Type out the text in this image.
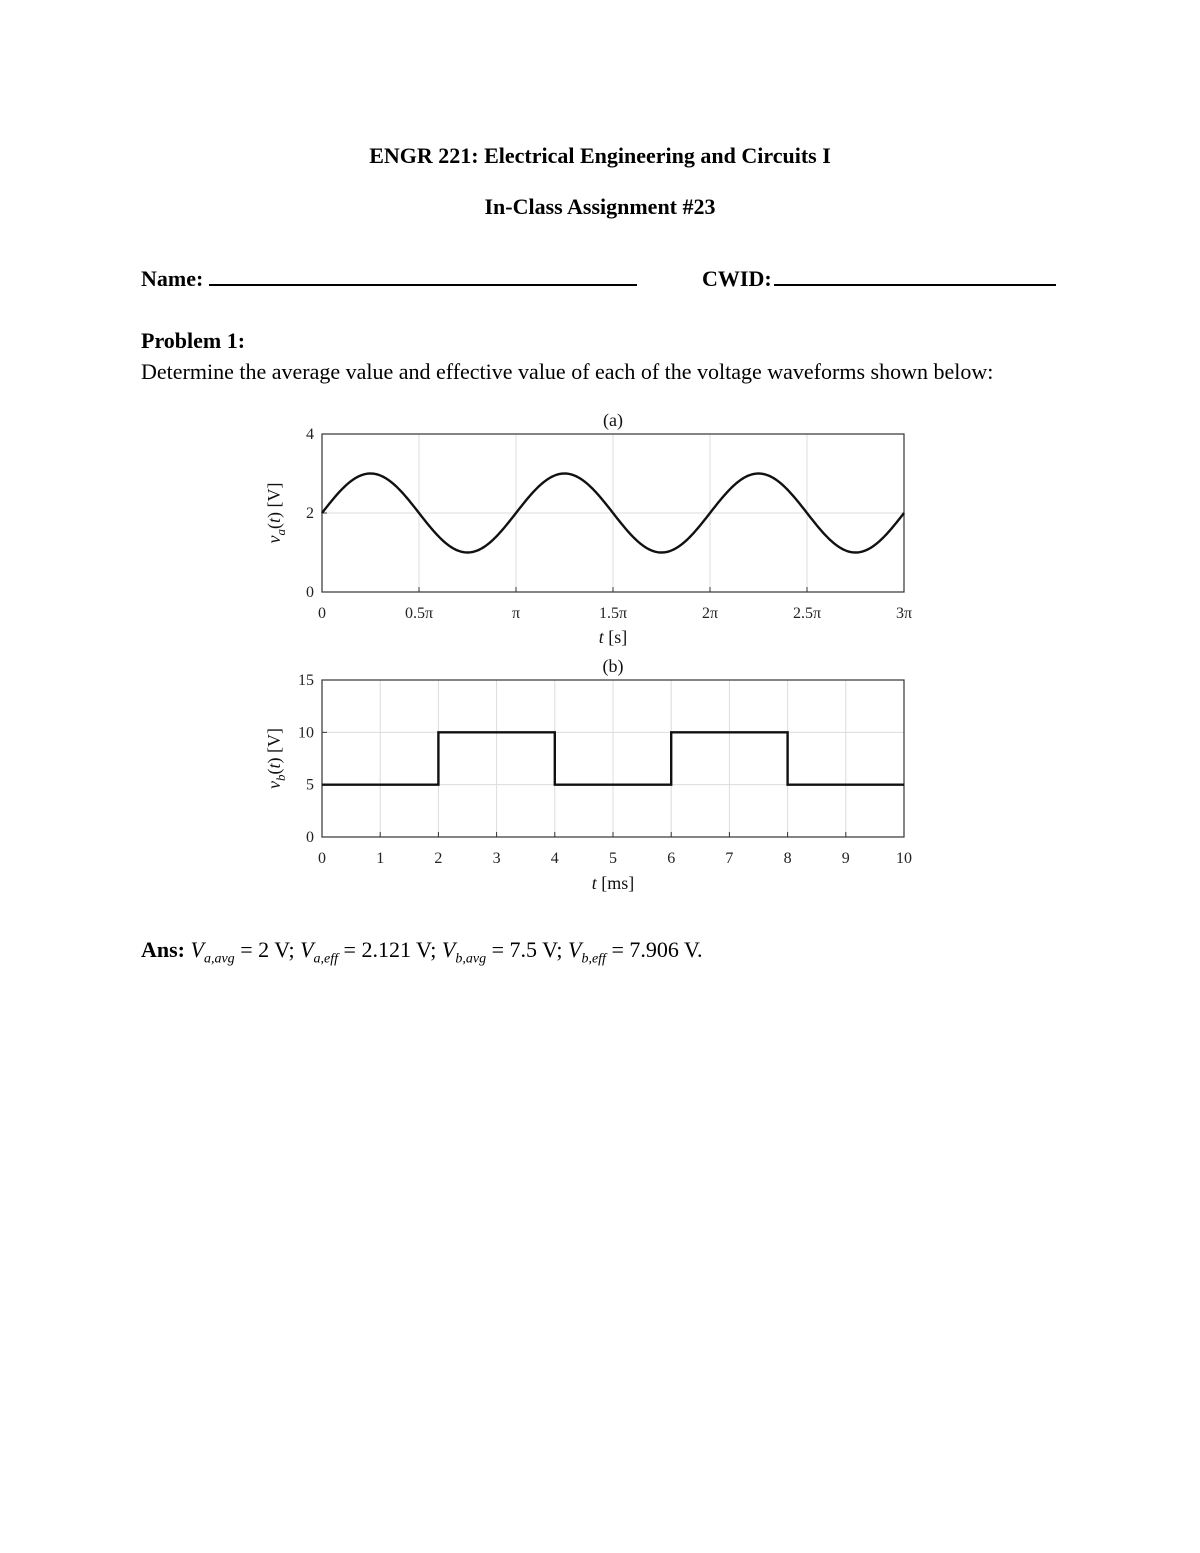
ENGR 221: Electrical Engineering and Circuits I
In-Class Assignment #23
Name:	CWID:
Problem 1:
Determine the average value and effective value of each of the voltage waveforms shown below:
0	0.5π	π	1.5π	2π	2.5π	3π
0
2
4
(a)
t [s]
$v_a(t)$ [V]
0	1	2	3	4	5	6	7	8	9	10
0
5
10
15
(b)
t [ms]
$v_b(t)$ [V]
Ans: $V_{a,avg} = 2$ V; $V_{a,eff} = 2.121$ V; $V_{b,avg} = 7.5$ V; $V_{b,eff} = 7.906$ V.
